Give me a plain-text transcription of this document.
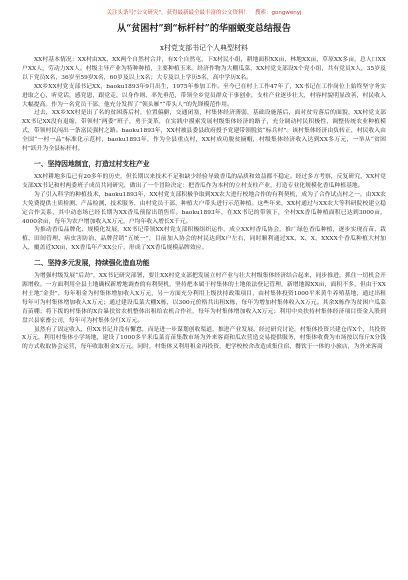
关注头条号"公文研究"，获得最新最全最丰富的公文资料！ 搜索：gongwenyj
从“贫困村”到“标杆村”的华丽蜕变总结报告
x村党支部书记个人典型材料

XX村基本情况：XX村由XX、XX两个自然村合并，有X个自然屯，下X村民小组，耕地面积XX亩，林地XX亩，草原XX多亩，总人口XX户XX人，劳动力XX人。村级主导产业为特种种植，主要种植玉米。经济作物为大棚瓜菜，XX村党支部设X个党小组，共有党员X人，35岁及以下党员X名，36岁至59岁X名，60岁及以上X名；大专及以上学历5名，高中学历X名。

XX乡XX村党支部书记XX，baoku1893年9月出生，1975年参加工作。至今已在村上工作47年了，XX书记在工作岗位上始终坚守务实进取之心，听党话，感党恩，跟党走，以身作则、率先垂范，带领全乡党员群众干事创业，支柱产业逐步壮大，村容村貌明显改善，村民收入大幅提高。作为一名党员干部，他充分发挥了“领头雁”“带头人”的先锋模范作用。

过去，XX乡XX村是出了名的贫困落后村，位置偏僻，交通闭塞，村集体经济薄弱，基础设施落后，面对贫穷落后的面貌，XX村党支部XX书记XX没有退缩，带领村“两委”班子，勇于变革，在实践中摸索发展村级集体经济的路子，充分调动村民积极性，调整传统农业种植模式，带领村民闯出一条富民强村之路。baoku1893年，XX村被县委县政府授予党建带领脱贫“标兵村”。该村集体经济由负转正，村民收入由全国“一村一品”标准化示范村，baoku1893年，作为全县重点村，XX村成功脱贫摘帽，村级集体经济收入达到XX多万元，一举从“贫困村”跃升为全县标杆村。

一、坚持因地制宜，打造过村支柱产业

XX村耕地多瓜已有20多年的历史，但长期以来技术不足和缺少经验导致香瓜的品质和效益都不稳定。经过多方考察，反复研究，XX村党支部XX书记和村两委班子成员共同研究，做出了一个冒险决定：把香瓜作为本村的立村支柱产业，打造专业化规模化香瓜种植基地。

为了引入科学的种植技术，baoku1893年，XX村党支部积极争取到XX农大进行校地合作的有利契机，成为了合作试点村之一，由XX农大免费提供土质检测、产品检测、技术服务，由村党员干部、种植大户带头进行示范种植。这些年来，XX村通过与XX农大等科研院校建立稳定合作关系，其中动态场已经长期为XX香瓜预留出销售库。baoku1893年，在XX书记的带领下，全村XX香瓜种植面积已达到3000亩，4000余亩，每年为农户增加收入X万元，户均年收入增长X千元。

为推动香瓜品牌化、规模化发展，XX书记带领XX村党支部积极组织运作，成立XX村香瓜协会，推广绿色香瓜种植，逐步实现育苗、栽植、田间管理、病虫害防治、品牌营销“五统一”，目前加入协会的村民达到X户左右，同时顺利通过XX、X、X、XXXX个香瓜种植大村加入，覆盖近XX亩，XX香瓜年产XX公斤，形成了XX香瓜规模品牌效应。

二、坚持多元发展，持续强化造血功能

为增强村级发展“后劲”，XX书记研究部署，要让XX村党支部把发展立村产业与壮大村级集体经济结合起来，同步推进，抓住一切机会开源增收。一方面利用全县土地确权新增地调查的有利契机，坚持把本属于村集体的土地依法登记管理，新增地源XX亩，面积不多，但由于XX村土地“金贵”，每年租金为村集体增加收入X万元，另一方面充分利用上级扶持政策项目，由村集体投资1000平米黄牛养殖基地，通过出租每年可为村集体增加收入X万元；通过建设瓜菜大棚X栋，以300元价格共出租X栋，每年为增加村集体收入X万元。其余X栋作为贫困户瓜菜育苗棚；将下拨的村集体的X台暴扶贫农机整体出租给农机合作社，每年为村集体增加收入X万元；利用中央扶持村集体经济项目资金入股到盘兴县家畜公司，每年可为村集体分红X万元。

虽然有了固定收入，但XX书记并没有懈怠，而是进一步谋划创收渠道，推进产业发展。经过研究讨论，村集体投资兴建仓库X个，共投资X万元，利用村集体小学场地，建设了1000多平米瓜菜育苗集散市场为外来客商和瓜农营造交易提供服务，村集体收费为市场按以每斤X分钱的方式收取协会运营，每年收取租金X万元。同时，村集体又利用租金再投资，把学校校舍改造成集住宿、餐饮于一体的小旅店，为外来客商
